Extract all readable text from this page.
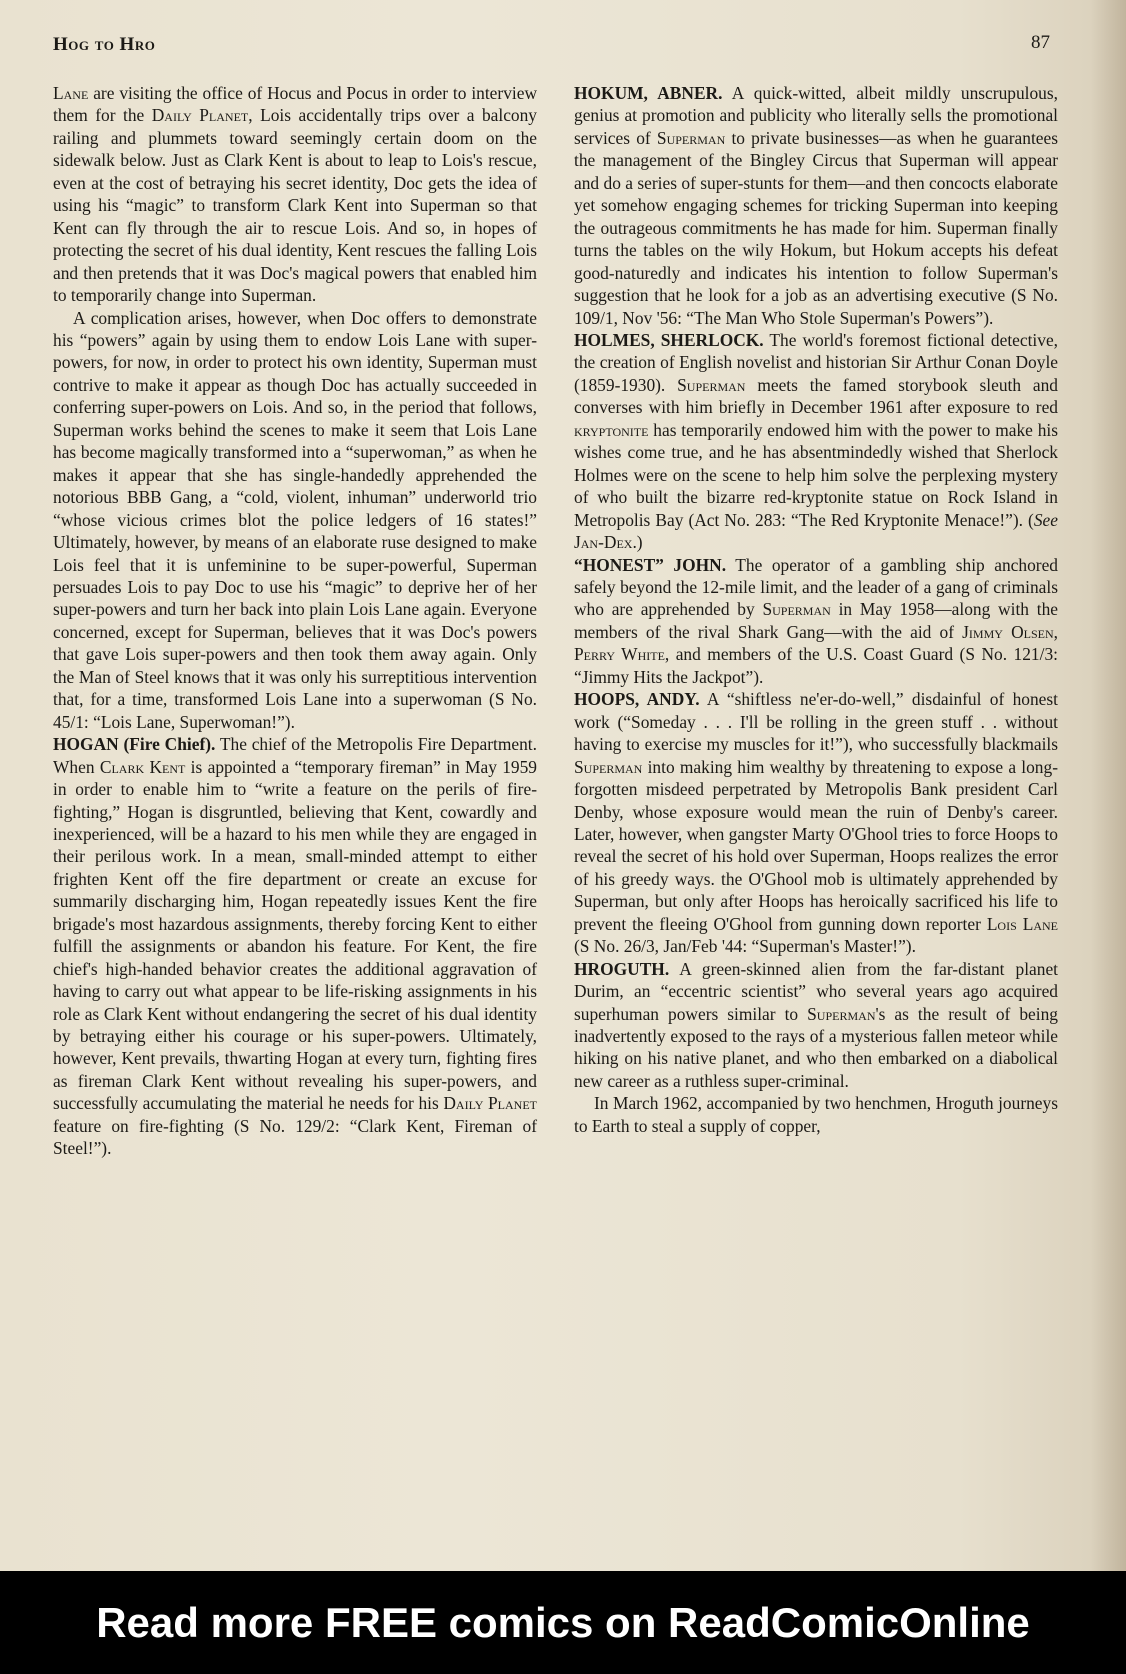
Hog to Hro	87

Lane are visiting the office of Hocus and Pocus in order to interview them for the Daily Planet, Lois accidentally trips over a balcony railing and plummets toward seemingly certain doom on the sidewalk below. Just as Clark Kent is about to leap to Lois's rescue, even at the cost of betraying his secret identity, Doc gets the idea of using his “magic” to transform Clark Kent into Superman so that Kent can fly through the air to rescue Lois. And so, in hopes of protecting the secret of his dual identity, Kent rescues the falling Lois and then pretends that it was Doc's magical powers that enabled him to temporarily change into Superman.

A complication arises, however, when Doc offers to demonstrate his “powers” again by using them to endow Lois Lane with super-powers, for now, in order to protect his own identity, Superman must contrive to make it appear as though Doc has actually succeeded in conferring super-powers on Lois. And so, in the period that follows, Superman works behind the scenes to make it seem that Lois Lane has become magically transformed into a “superwoman,” as when he makes it appear that she has single-handedly apprehended the notorious BBB Gang, a “cold, violent, inhuman” underworld trio “whose vicious crimes blot the police ledgers of 16 states!” Ultimately, however, by means of an elaborate ruse designed to make Lois feel that it is unfeminine to be super-powerful, Superman persuades Lois to pay Doc to use his “magic” to deprive her of her super-powers and turn her back into plain Lois Lane again. Everyone concerned, except for Superman, believes that it was Doc's powers that gave Lois super-powers and then took them away again. Only the Man of Steel knows that it was only his surreptitious intervention that, for a time, transformed Lois Lane into a superwoman (S No. 45/1: “Lois Lane, Superwoman!”).

HOGAN (Fire Chief). The chief of the Metropolis Fire Department. When Clark Kent is appointed a “temporary fireman” in May 1959 in order to enable him to “write a feature on the perils of fire-fighting,” Hogan is disgruntled, believing that Kent, cowardly and inexperienced, will be a hazard to his men while they are engaged in their perilous work. In a mean, small-minded attempt to either frighten Kent off the fire department or create an excuse for summarily discharging him, Hogan repeatedly issues Kent the fire brigade's most hazardous assignments, thereby forcing Kent to either fulfill the assignments or abandon his feature. For Kent, the fire chief's high-handed behavior creates the additional aggravation of having to carry out what appear to be life-risking assignments in his role as Clark Kent without endangering the secret of his dual identity by betraying either his courage or his super-powers. Ultimately, however, Kent prevails, thwarting Hogan at every turn, fighting fires as fireman Clark Kent without revealing his super-powers, and successfully accumulating the material he needs for his Daily Planet feature on fire-fighting (S No. 129/2: “Clark Kent, Fireman of Steel!”).

HOKUM, ABNER. A quick-witted, albeit mildly unscrupulous, genius at promotion and publicity who literally sells the promotional services of Superman to private businesses—as when he guarantees the management of the Bingley Circus that Superman will appear and do a series of super-stunts for them—and then concocts elaborate yet somehow engaging schemes for tricking Superman into keeping the outrageous commitments he has made for him. Superman finally turns the tables on the wily Hokum, but Hokum accepts his defeat good-naturedly and indicates his intention to follow Superman's suggestion that he look for a job as an advertising executive (S No. 109/1, Nov '56: “The Man Who Stole Superman's Powers”).

HOLMES, SHERLOCK. The world's foremost fictional detective, the creation of English novelist and historian Sir Arthur Conan Doyle (1859-1930). Superman meets the famed storybook sleuth and converses with him briefly in December 1961 after exposure to red kryptonite has temporarily endowed him with the power to make his wishes come true, and he has absentmindedly wished that Sherlock Holmes were on the scene to help him solve the perplexing mystery of who built the bizarre red-kryptonite statue on Rock Island in Metropolis Bay (Act No. 283: “The Red Kryptonite Menace!”). (See Jan-Dex.)

“HONEST” JOHN. The operator of a gambling ship anchored safely beyond the 12-mile limit, and the leader of a gang of criminals who are apprehended by Superman in May 1958—along with the members of the rival Shark Gang—with the aid of Jimmy Olsen, Perry White, and members of the U.S. Coast Guard (S No. 121/3: “Jimmy Hits the Jackpot”).

HOOPS, ANDY. A “shiftless ne'er-do-well,” disdainful of honest work (“Someday . . . I'll be rolling in the green stuff . . without having to exercise my muscles for it!”), who successfully blackmails Superman into making him wealthy by threatening to expose a long-forgotten misdeed perpetrated by Metropolis Bank president Carl Denby, whose exposure would mean the ruin of Denby's career. Later, however, when gangster Marty O'Ghool tries to force Hoops to reveal the secret of his hold over Superman, Hoops realizes the error of his greedy ways. the O'Ghool mob is ultimately apprehended by Superman, but only after Hoops has heroically sacrificed his life to prevent the fleeing O'Ghool from gunning down reporter Lois Lane (S No. 26/3, Jan/Feb '44: “Superman's Master!”).

HROGUTH. A green-skinned alien from the far-distant planet Durim, an “eccentric scientist” who several years ago acquired superhuman powers similar to Superman's as the result of being inadvertently exposed to the rays of a mysterious fallen meteor while hiking on his native planet, and who then embarked on a diabolical new career as a ruthless super-criminal.

In March 1962, accompanied by two henchmen, Hroguth journeys to Earth to steal a supply of copper,

Read more FREE comics on ReadComicOnline
